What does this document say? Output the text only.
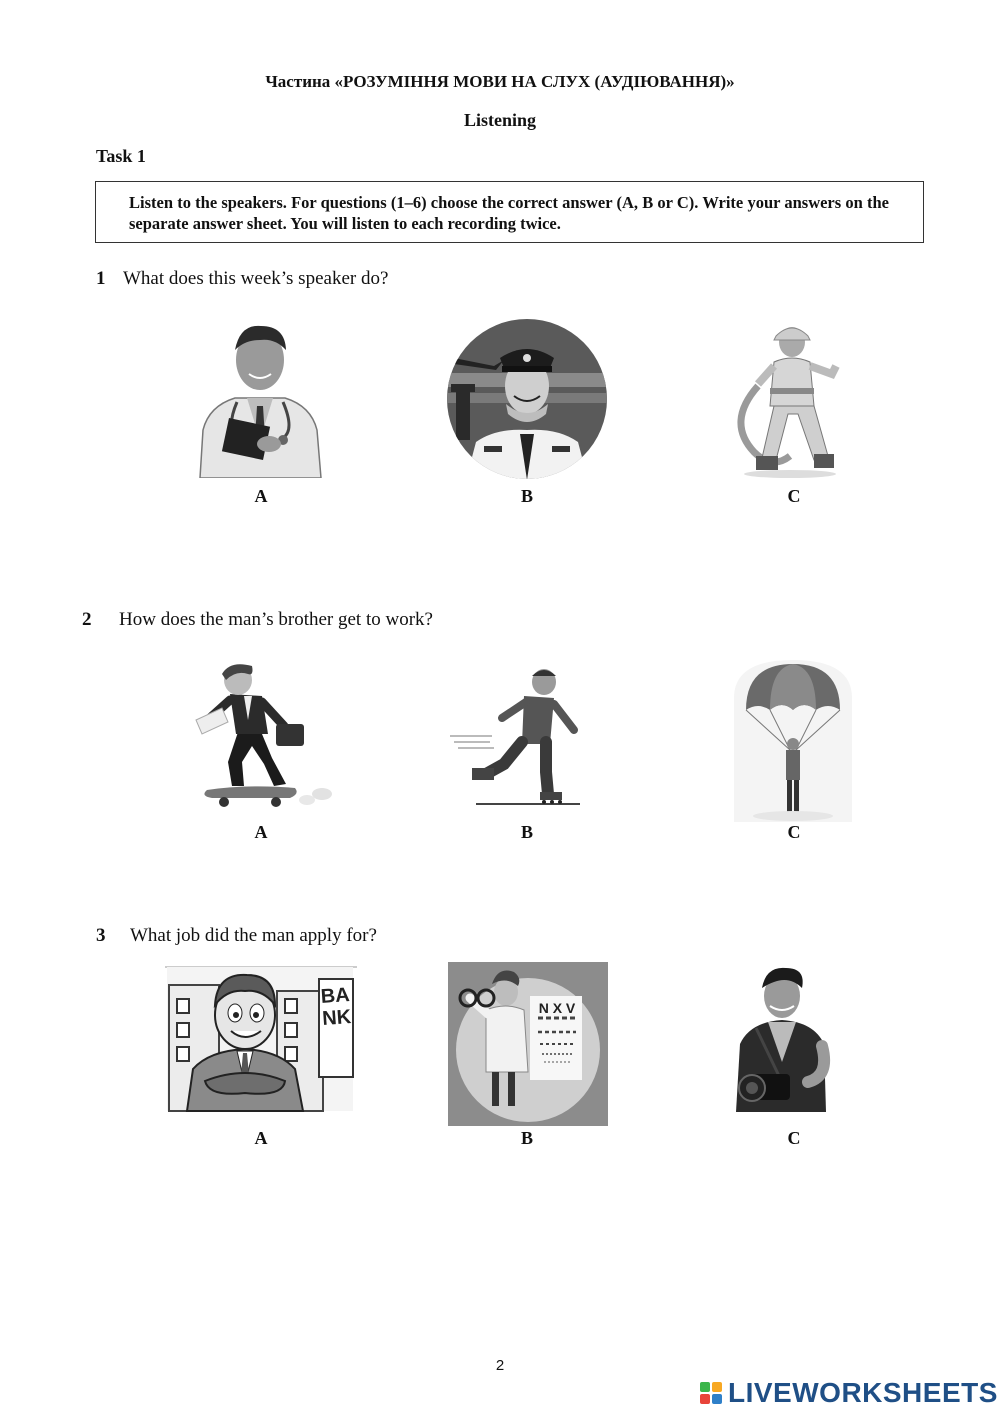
Частина «РОЗУМІННЯ МОВИ НА СЛУХ (АУДІЮВАННЯ)»
Listening
Task 1
Listen to the speakers. For questions (1–6) choose the correct answer (A, B or C). Write your answers on the separate answer sheet. You will listen to each recording twice.
1 What does this week’s speaker do?
A	B	C
2 How does the man’s brother get to work?
A	B	C
3 What job did the man apply for?
BANK
A
N X V
B	C
2
LIVEWORKSHEETS
